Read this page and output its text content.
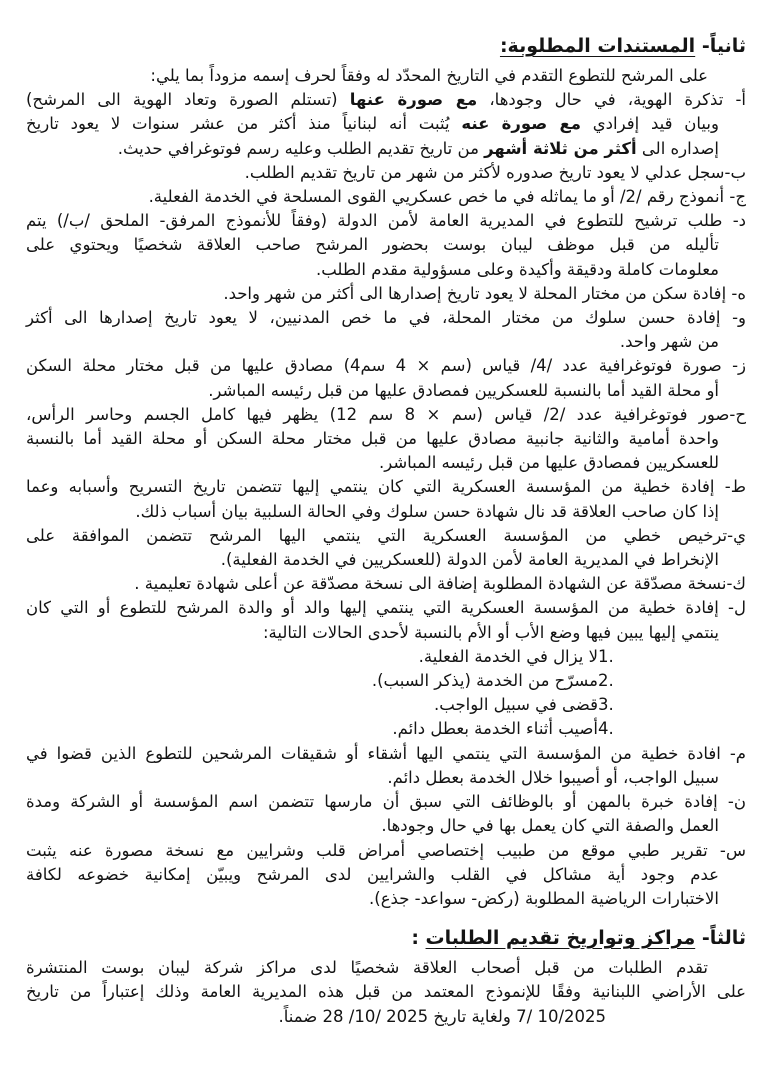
ثانياً- المستندات المطلوبة:
على المرشح للتطوع التقدم في التاريخ المحدّد له وفقاً لحرف إسمه مزوداً بما يلي:
أ- تذكرة الهوية، في حال وجودها، مع صورة عنها (تستلم الصورة وتعاد الهوية الى المرشح)
وبيان قيد إفرادي مع صورة عنه يُثبت أنه لبنانياً منذ أكثر من عشر سنوات لا يعود تاريخ
إصداره الى أكثر من ثلاثة أشهر من تاريخ تقديم الطلب وعليه رسم فوتوغرافي حديث.
ب-سجل عدلي لا يعود تاريخ صدوره لأكثر من شهر من تاريخ تقديم الطلب.
ج- أنموذج رقم /2/ أو ما يماثله في ما خص عسكريي القوى المسلحة في الخدمة الفعلية.
د- طلب ترشيح للتطوع في المديرية العامة لأمن الدولة (وفقاً للأنموذج المرفق- الملحق /ب/) يتم
تأليله من قبل موظف ليبان بوست بحضور المرشح صاحب العلاقة شخصيًا ويحتوي على
معلومات كاملة ودقيقة وأكيدة وعلى مسؤولية مقدم الطلب.
ه- إفادة سكن من مختار المحلة لا يعود تاريخ إصدارها الى أكثر من شهر واحد.
و- إفادة حسن سلوك من مختار المحلة، في ما خص المدنيين، لا يعود تاريخ إصدارها الى أكثر
من شهر واحد.
ز- صورة فوتوغرافية عدد /4/ قياس (4سم × 4 سم) مصادق عليها من قبل مختار محلة السكن
أو محلة القيد أما بالنسبة للعسكريين فمصادق عليها من قبل رئيسه المباشر.
ح-صور فوتوغرافية عدد /2/ قياس (12 سم × 8 سم) يظهر فيها كامل الجسم وحاسر الرأس،
واحدة أمامية والثانية جانبية مصادق عليها من قبل مختار محلة السكن أو محلة القيد أما بالنسبة
للعسكريين فمصادق عليها من قبل رئيسه المباشر.
ط- إفادة خطية من المؤسسة العسكرية التي كان ينتمي إليها تتضمن تاريخ التسريح وأسبابه وعما
إذا كان صاحب العلاقة قد نال شهادة حسن سلوك وفي الحالة السلبية بيان أسباب ذلك.
ي-ترخيص خطي من المؤسسة العسكرية التي ينتمي اليها المرشح تتضمن الموافقة على
الإنخراط في المديرية العامة لأمن الدولة (للعسكريين في الخدمة الفعلية).
ك-نسخة مصدّقة عن الشهادة المطلوبة إضافة الى نسخة مصدّقة عن أعلى شهادة تعليمية .
ل- إفادة خطية من المؤسسة العسكرية التي ينتمي إليها والد أو والدة المرشح للتطوع أو التي كان
ينتمي إليها يبين فيها وضع الأب أو الأم بالنسبة لأحدى الحالات التالية:
1. لا يزال في الخدمة الفعلية.
2. مسرّح من الخدمة (يذكر السبب).
3. قضى في سبيل الواجب.
4. أصيب أثناء الخدمة بعطل دائم.
م- افادة خطية من المؤسسة التي ينتمي اليها أشقاء أو شقيقات المرشحين للتطوع الذين قضوا في
سبيل الواجب، أو أصيبوا خلال الخدمة بعطل دائم.
ن- إفادة خبرة بالمهن أو بالوظائف التي سبق أن مارسها تتضمن اسم المؤسسة أو الشركة ومدة
العمل والصفة التي كان يعمل بها في حال وجودها.
س- تقرير طبي موقع من طبيب إختصاصي أمراض قلب وشرايين مع نسخة مصورة عنه يثبت
عدم وجود أية مشاكل في القلب والشرايين لدى المرشح ويبيّن إمكانية خضوعه لكافة
الاختبارات الرياضية المطلوبة (ركض- سواعد- جذع).
ثالثاً- مراكز وتواريخ تقديم الطلبات :
تقدم الطلبات من قبل أصحاب العلاقة شخصيًا لدى مراكز شركة ليبان بوست المنتشرة
على الأراضي اللبنانية وفقًا للإنموذج المعتمد من قبل هذه المديرية العامة وذلك إعتباراً من تاريخ
7/ 10/2025 ولغاية تاريخ 28 /10/ 2025 ضمناً.
